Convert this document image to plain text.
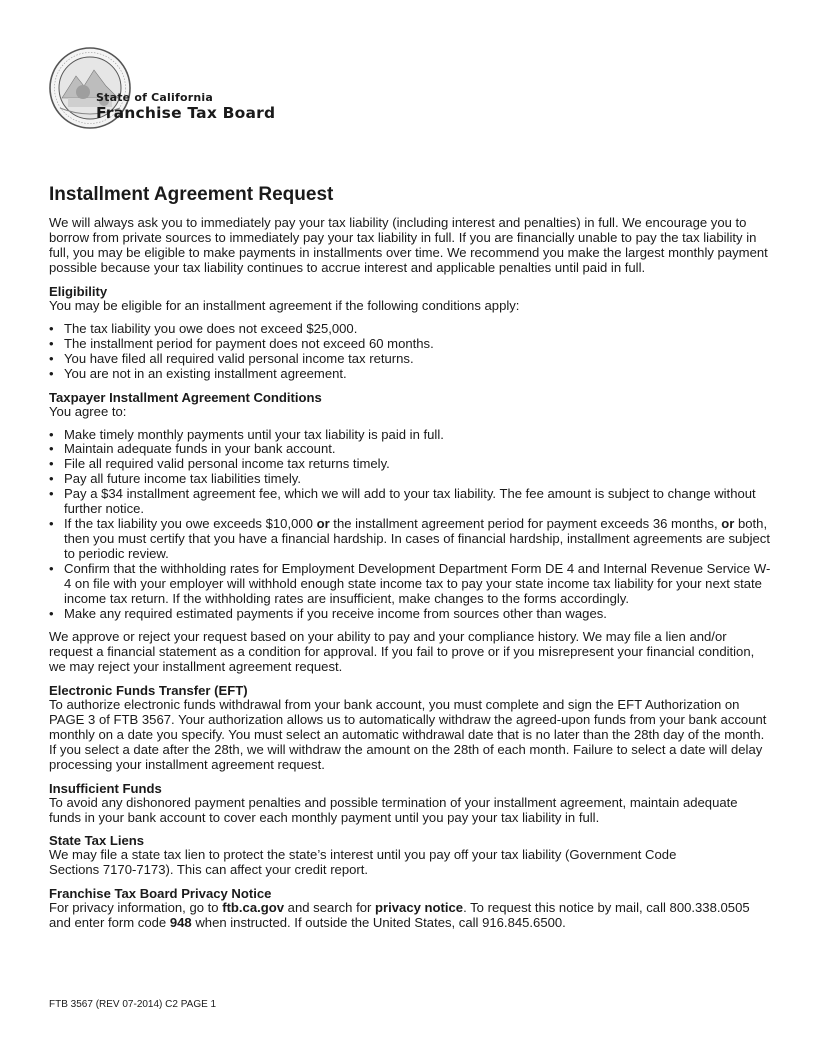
State of California
Franchise Tax Board
Installment Agreement Request

We will always ask you to immediately pay your tax liability (including interest and penalties) in full. We encourage you to borrow from private sources to immediately pay your tax liability in full. If you are financially unable to pay the tax liability in full, you may be eligible to make payments in installments over time. We recommend you make the largest monthly payment possible because your tax liability continues to accrue interest and applicable penalties until paid in full.

Eligibility

You may be eligible for an installment agreement if the following conditions apply:

• The tax liability you owe does not exceed $25,000.
• The installment period for payment does not exceed 60 months.
• You have filed all required valid personal income tax returns.
• You are not in an existing installment agreement.
Taxpayer Installment Agreement Conditions

You agree to:

• Make timely monthly payments until your tax liability is paid in full.
• Maintain adequate funds in your bank account.
• File all required valid personal income tax returns timely.
• Pay all future income tax liabilities timely.
• Pay a $34 installment agreement fee, which we will add to your tax liability. The fee amount is subject to change without further notice.
• If the tax liability you owe exceeds $10,000 or the installment agreement period for payment exceeds 36 months, or both, then you must certify that you have a financial hardship. In cases of financial hardship, installment agreements are subject to periodic review.
• Confirm that the withholding rates for Employment Development Department Form DE 4 and Internal Revenue Service W-4 on file with your employer will withhold enough state income tax to pay your state income tax liability for your next state income tax return. If the withholding rates are insufficient, make changes to the forms accordingly.
• Make any required estimated payments if you receive income from sources other than wages.

We approve or reject your request based on your ability to pay and your compliance history. We may file a lien and/or request a financial statement as a condition for approval. If you fail to prove or if you misrepresent your financial condition, we may reject your installment agreement request.

Electronic Funds Transfer (EFT)

To authorize electronic funds withdrawal from your bank account, you must complete and sign the EFT Authorization on PAGE 3 of FTB 3567. Your authorization allows us to automatically withdraw the agreed-upon funds from your bank account monthly on a date you specify. You must select an automatic withdrawal date that is no later than the 28th day of the month. If you select a date after the 28th, we will withdraw the amount on the 28th of each month. Failure to select a date will delay processing your installment agreement request.

Insufficient Funds

To avoid any dishonored payment penalties and possible termination of your installment agreement, maintain adequate funds in your bank account to cover each monthly payment until you pay your tax liability in full.

State Tax Liens

We may file a state tax lien to protect the state’s interest until you pay off your tax liability (Government Code
Sections 7170-7173). This can affect your credit report.

Franchise Tax Board Privacy Notice

For privacy information, go to ftb.ca.gov and search for privacy notice. To request this notice by mail, call 800.338.0505 and enter form code 948 when instructed. If outside the United States, call 916.845.6500.

FTB 3567 (REV 07-2014) C2 PAGE 1
